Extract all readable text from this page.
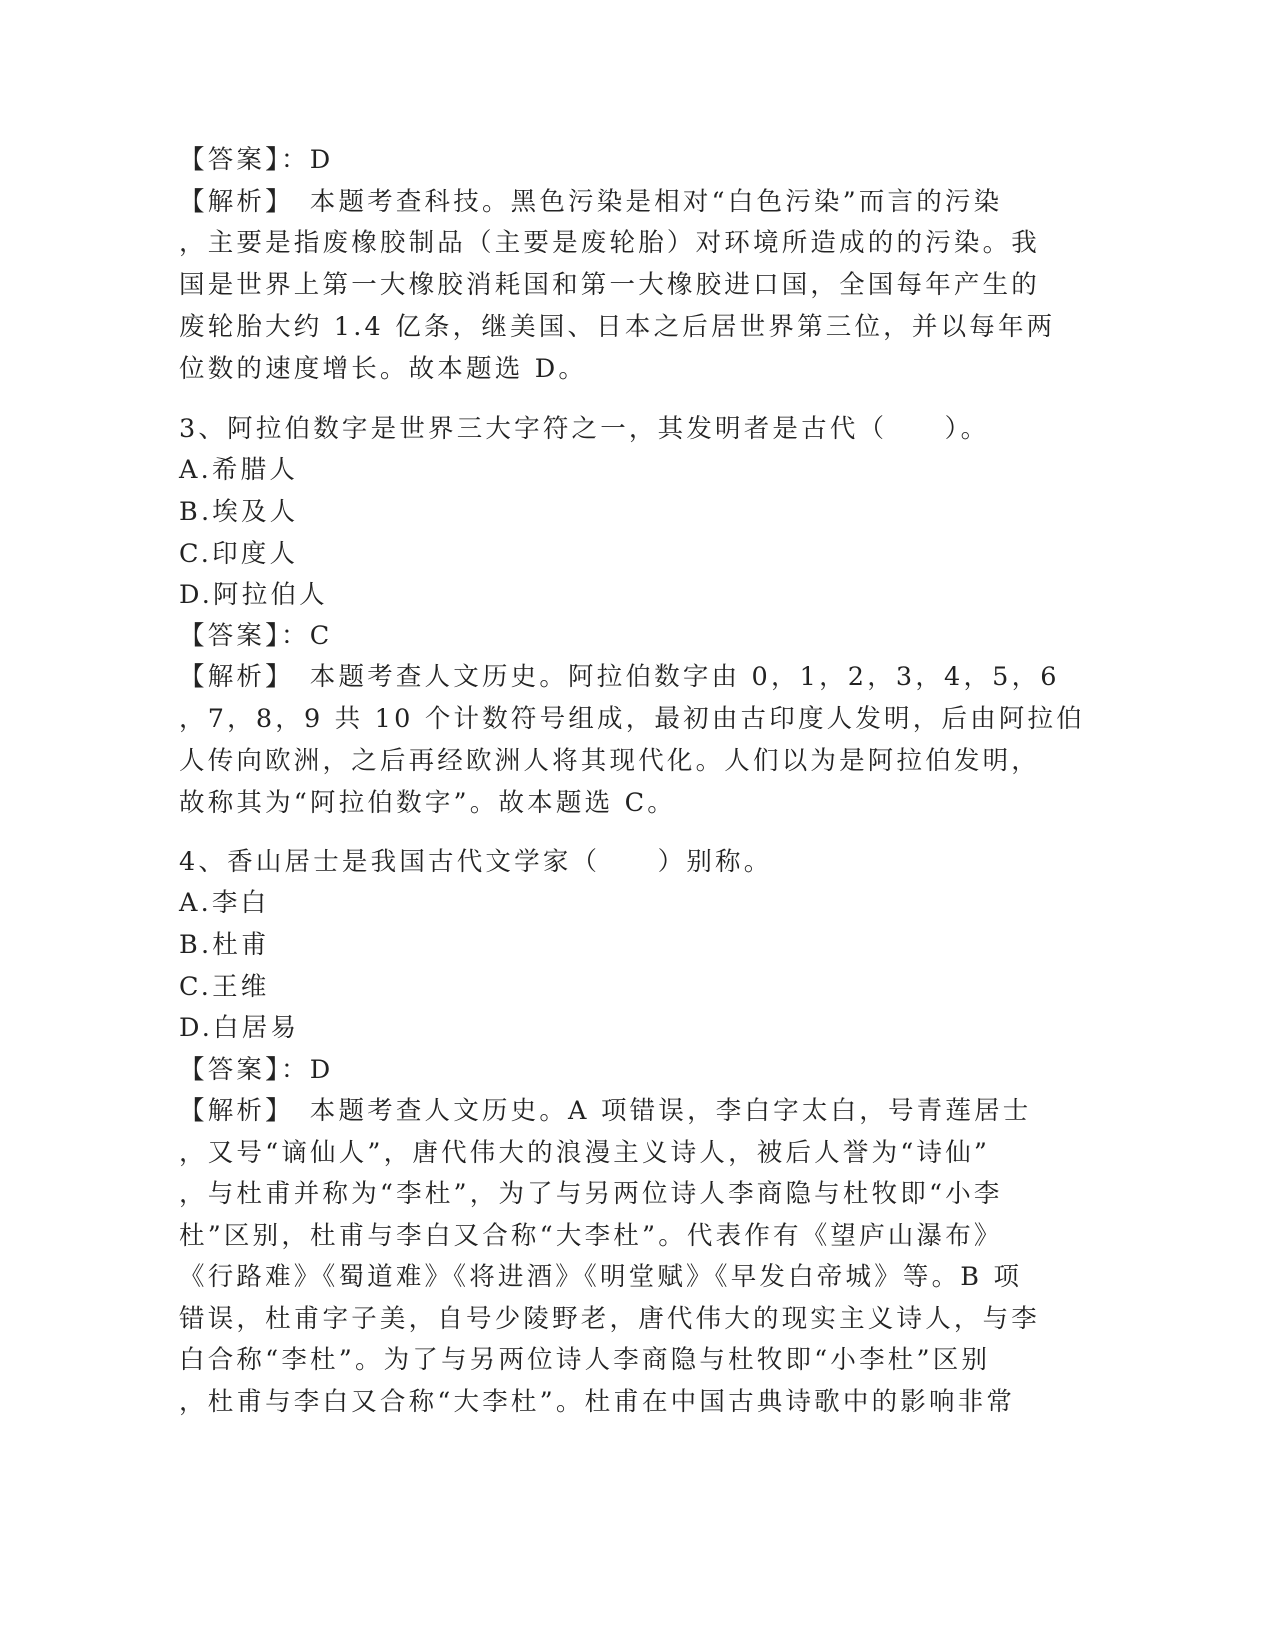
【答案】：D
【解析】　本题考查科技。黑色污染是相对“白色污染”而言的污染
，主要是指废橡胶制品（主要是废轮胎）对环境所造成的的污染。我
国是世界上第一大橡胶消耗国和第一大橡胶进口国，全国每年产生的
废轮胎大约 1.4 亿条，继美国、日本之后居世界第三位，并以每年两
位数的速度增长。故本题选 D。
3、阿拉伯数字是世界三大字符之一，其发明者是古代（　　）。
A.希腊人
B.埃及人
C.印度人
D.阿拉伯人
【答案】：C
【解析】　本题考查人文历史。阿拉伯数字由 0，1，2，3，4，5，6
，7，8，9 共 10 个计数符号组成，最初由古印度人发明，后由阿拉伯
人传向欧洲，之后再经欧洲人将其现代化。人们以为是阿拉伯发明，
故称其为“阿拉伯数字”。故本题选 C。
4、香山居士是我国古代文学家（　　）别称。
A.李白
B.杜甫
C.王维
D.白居易
【答案】：D
【解析】　本题考查人文历史。A 项错误，李白字太白，号青莲居士
，又号“谪仙人”，唐代伟大的浪漫主义诗人，被后人誉为“诗仙”
，与杜甫并称为“李杜”，为了与另两位诗人李商隐与杜牧即“小李
杜”区别，杜甫与李白又合称“大李杜”。代表作有《望庐山瀑布》
《行路难》《蜀道难》《将进酒》《明堂赋》《早发白帝城》等。B 项
错误，杜甫字子美，自号少陵野老，唐代伟大的现实主义诗人，与李
白合称“李杜”。为了与另两位诗人李商隐与杜牧即“小李杜”区别
，杜甫与李白又合称“大李杜”。杜甫在中国古典诗歌中的影响非常
